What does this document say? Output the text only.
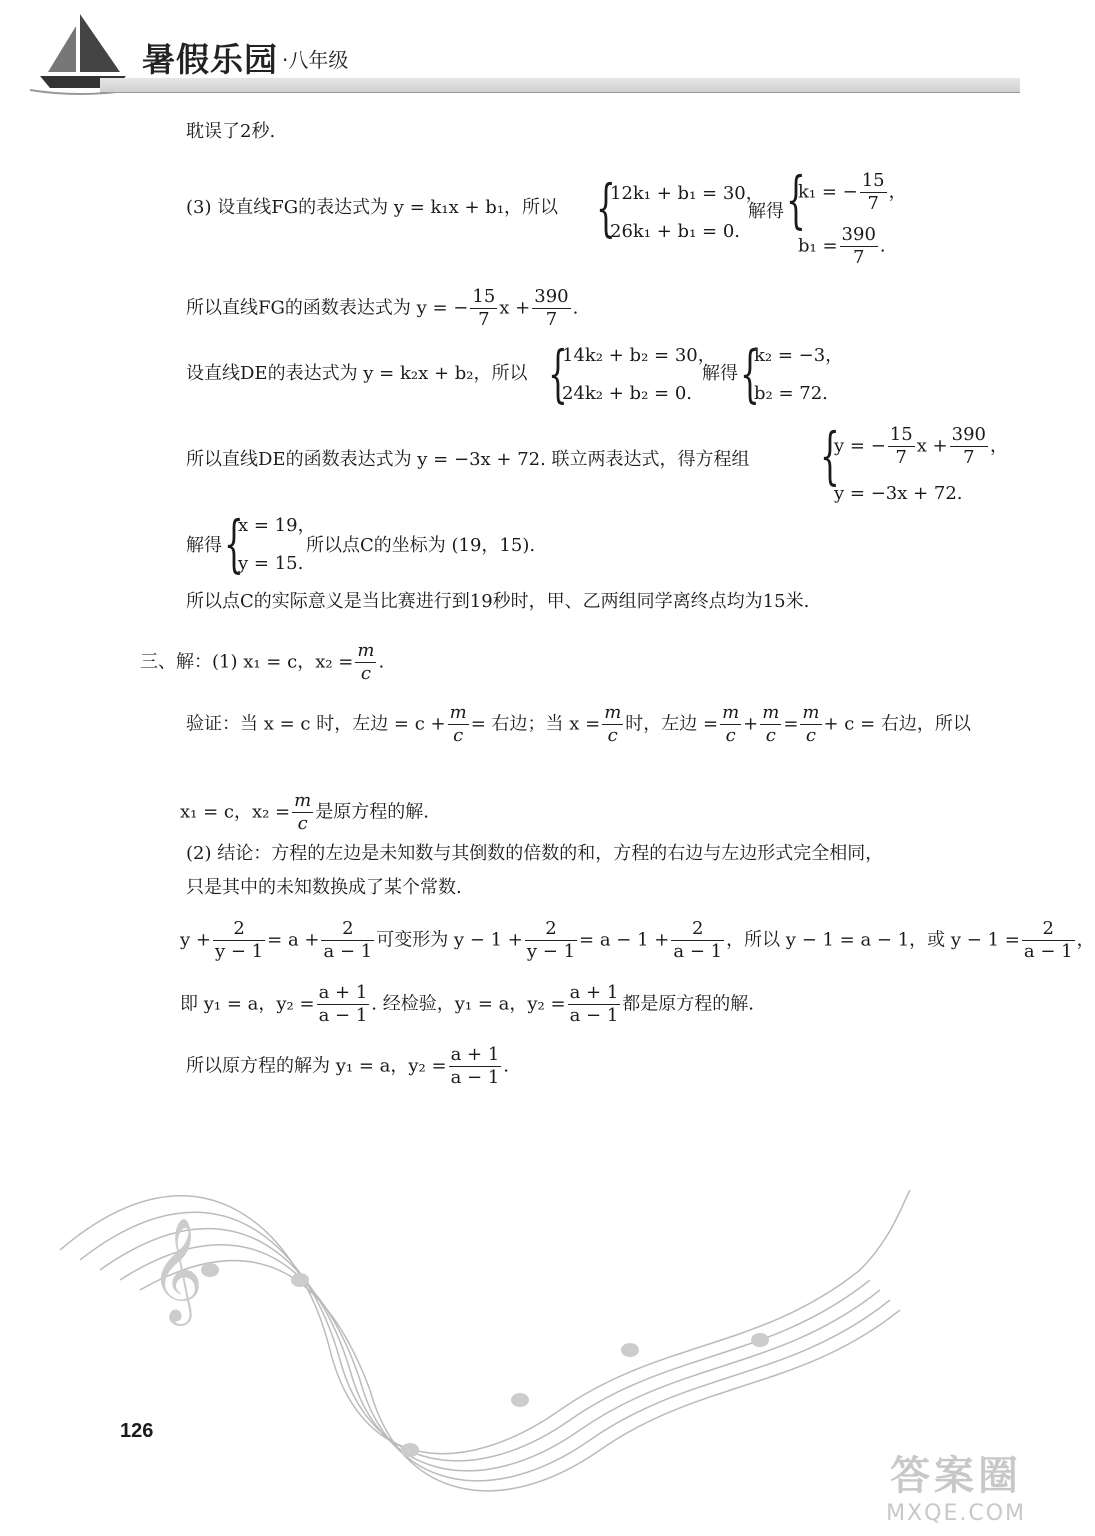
暑假乐园 ·八年级
耽误了2秒.
(3) 设直线FG的表达式为 y = k₁x + b₁，所以 {
12k₁ + b₁ = 30，
26k₁ + b₁ = 0.
解得 {
k₁ = − $\frac{15}{7}$ ，
$b_1 = \frac{390}{7}$ .
所以直线FG的函数表达式为 y = − $\frac{15}{7}$ $x + \frac{390}{7}$ .
设直线DE的表达式为 y = k₂x + b₂，所以 {
14k₂ + b₂ = 30，
24k₂ + b₂ = 0.
解得 {
k₂ = −3，
b₂ = 72.
所以直线DE的函数表达式为 y = −3x + 72. 联立两表达式，得方程组 {
y = − $\frac{15}{7}$ $x + \frac{390}{7}$ ，
y = −3x + 72.
解得 {
x = 19，
y = 15.
所以点C的坐标为 (19，15).
所以点C的实际意义是当比赛进行到19秒时，甲、乙两组同学离终点均为15米.
三、解：(1) x₁ = c，$x_2 = \frac{m}{c}$ .
验证：当 x = c 时，左边 = $c + \frac{m}{c}$ = 右边；当 $x = \frac{m}{c}$ 时，左边 = $\frac{m}{c} + \frac{m}{c} = \frac{m}{c} + c$ = 右边，所以
x₁ = c，$x_2 = \frac{m}{c}$ 是原方程的解.
(2) 结论：方程的左边是未知数与其倒数的倍数的和，方程的右边与左边形式完全相同，
只是其中的未知数换成了某个常数.
$y + \frac{2}{y - 1} = a + \frac{2}{a - 1}$ 可变形为 $y - 1 + \frac{2}{y - 1} = a - 1 + \frac{2}{a - 1}$ ，所以 y − 1 = a − 1，或 $y - 1 = \frac{2}{a - 1}$ ，
即 y₁ = a，$y_2 = \frac{a + 1}{a - 1}$ . 经检验，y₁ = a，$y_2 = \frac{a + 1}{a - 1}$ 都是原方程的解.
所以原方程的解为 y₁ = a，$y_2 = \frac{a + 1}{a - 1}$ .
𝄞
126
答案圈
MXQE.COM
